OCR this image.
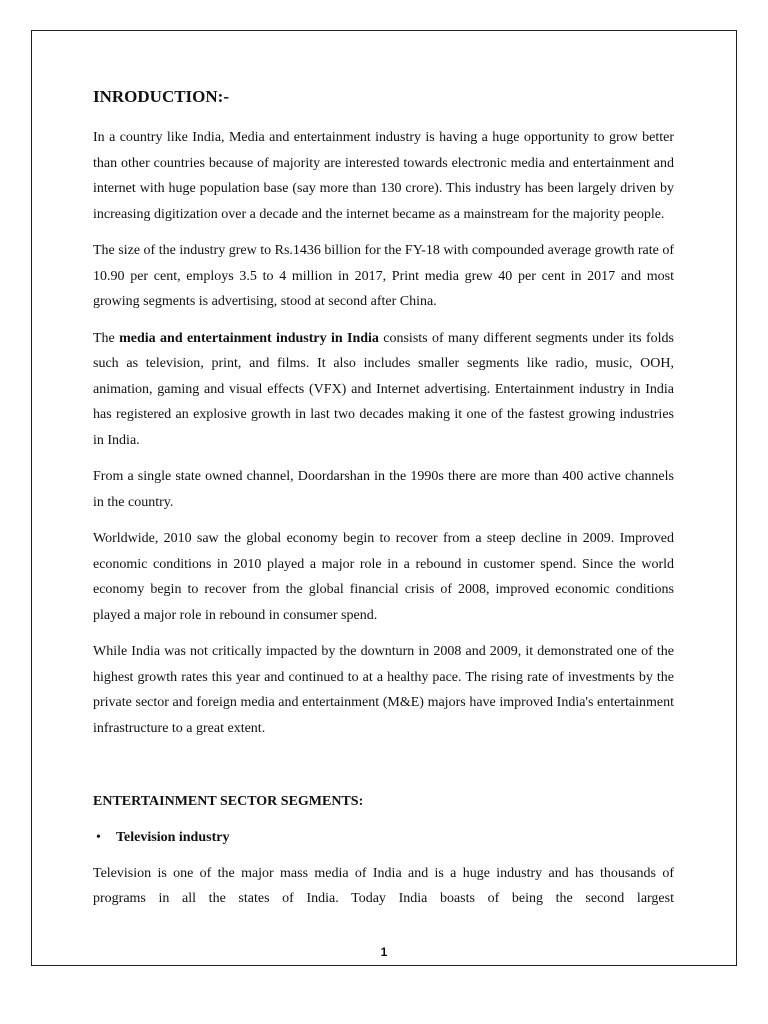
INRODUCTION:-

In a country like India, Media and entertainment industry is having a huge opportunity to grow better than other countries because of majority are interested towards electronic media and entertainment and internet with huge population base (say more than 130 crore). This industry has been largely driven by increasing digitization over a decade and the internet became as a mainstream for the majority people.

The size of the industry grew to Rs.1436 billion for the FY-18 with compounded average growth rate of 10.90 per cent, employs 3.5 to 4 million in 2017, Print media grew 40 per cent in 2017 and most growing segments is advertising, stood at second after China.

The media and entertainment industry in India consists of many different segments under its folds such as television, print, and films. It also includes smaller segments like radio, music, OOH, animation, gaming and visual effects (VFX) and Internet advertising. Entertainment industry in India has registered an explosive growth in last two decades making it one of the fastest growing industries in India.

From a single state owned channel, Doordarshan in the 1990s there are more than 400 active channels in the country.

Worldwide, 2010 saw the global economy begin to recover from a steep decline in 2009. Improved economic conditions in 2010 played a major role in a rebound in customer spend. Since the world economy begin to recover from the global financial crisis of 2008, improved economic conditions played a major role in rebound in consumer spend.

While India was not critically impacted by the downturn in 2008 and 2009, it demonstrated one of the highest growth rates this year and continued to at a healthy pace. The rising rate of investments by the private sector and foreign media and entertainment (M&E) majors have improved India's entertainment infrastructure to a great extent.

ENTERTAINMENT SECTOR SEGMENTS:
• Television industry

Television is one of the major mass media of India and is a huge industry and has thousands of programs in all the states of India. Today India boasts of being the second largest

1
